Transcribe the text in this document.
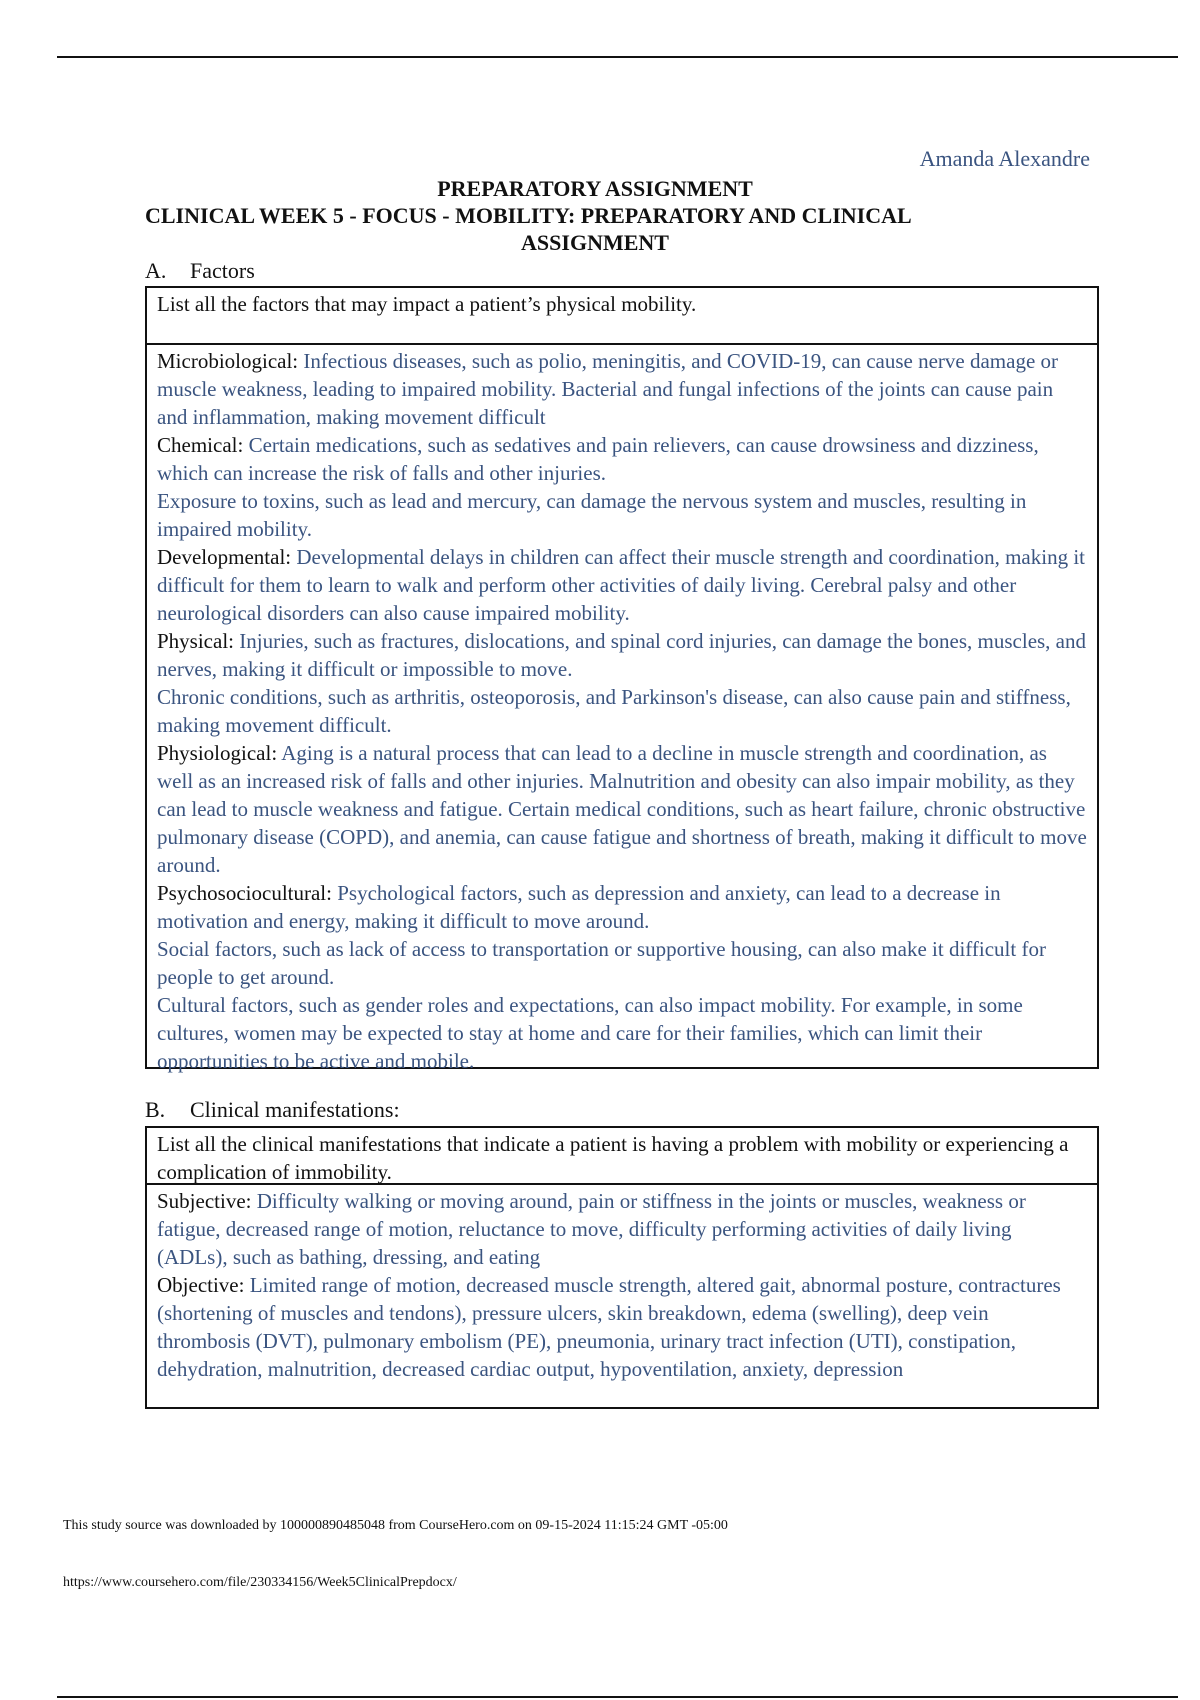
Amanda Alexandre
PREPARATORY ASSIGNMENT
CLINICAL WEEK 5 - FOCUS - MOBILITY: PREPARATORY AND CLINICAL
ASSIGNMENT
A. Factors
List all the factors that may impact a patient’s physical mobility.

Microbiological: Infectious diseases, such as polio, meningitis, and COVID-19, can cause nerve damage or muscle weakness, leading to impaired mobility. Bacterial and fungal infections of the joints can cause pain and inflammation, making movement difficult

Chemical: Certain medications, such as sedatives and pain relievers, can cause drowsiness and dizziness, which can increase the risk of falls and other injuries.

Exposure to toxins, such as lead and mercury, can damage the nervous system and muscles, resulting in impaired mobility.

Developmental: Developmental delays in children can affect their muscle strength and coordination, making it difficult for them to learn to walk and perform other activities of daily living. Cerebral palsy and other neurological disorders can also cause impaired mobility.

Physical: Injuries, such as fractures, dislocations, and spinal cord injuries, can damage the bones, muscles, and nerves, making it difficult or impossible to move.

Chronic conditions, such as arthritis, osteoporosis, and Parkinson's disease, can also cause pain and stiffness, making movement difficult.

Physiological: Aging is a natural process that can lead to a decline in muscle strength and coordination, as well as an increased risk of falls and other injuries. Malnutrition and obesity can also impair mobility, as they can lead to muscle weakness and fatigue. Certain medical conditions, such as heart failure, chronic obstructive pulmonary disease (COPD), and anemia, can cause fatigue and shortness of breath, making it difficult to move around.

Psychosociocultural: Psychological factors, such as depression and anxiety, can lead to a decrease in motivation and energy, making it difficult to move around.

Social factors, such as lack of access to transportation or supportive housing, can also make it difficult for people to get around.

Cultural factors, such as gender roles and expectations, can also impact mobility. For example, in some cultures, women may be expected to stay at home and care for their families, which can limit their opportunities to be active and mobile.

B. Clinical manifestations:
List all the clinical manifestations that indicate a patient is having a problem with mobility or experiencing a complication of immobility.

Subjective: Difficulty walking or moving around, pain or stiffness in the joints or muscles, weakness or fatigue, decreased range of motion, reluctance to move, difficulty performing activities of daily living (ADLs), such as bathing, dressing, and eating

Objective: Limited range of motion, decreased muscle strength, altered gait, abnormal posture, contractures (shortening of muscles and tendons), pressure ulcers, skin breakdown, edema (swelling), deep vein thrombosis (DVT), pulmonary embolism (PE), pneumonia, urinary tract infection (UTI), constipation, dehydration, malnutrition, decreased cardiac output, hypoventilation, anxiety, depression

This study source was downloaded by 100000890485048 from CourseHero.com on 09-15-2024 11:15:24 GMT -05:00
https://www.coursehero.com/file/230334156/Week5ClinicalPrepdocx/
